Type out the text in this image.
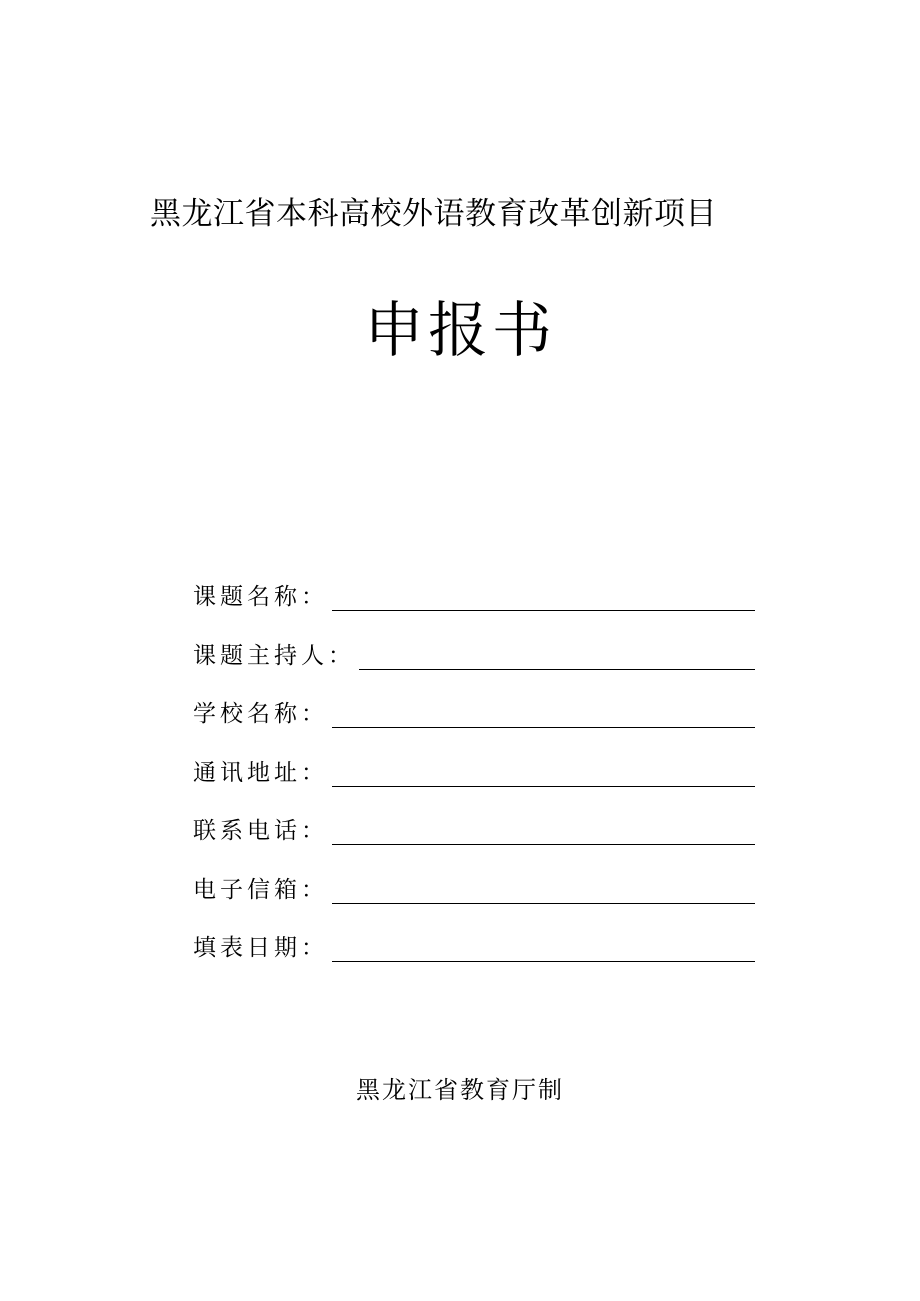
黑龙江省本科高校外语教育改革创新项目
申报书
课题名称：
课题主持人：
学校名称：
通讯地址：
联系电话：
电子信箱：
填表日期：
黑龙江省教育厅制
